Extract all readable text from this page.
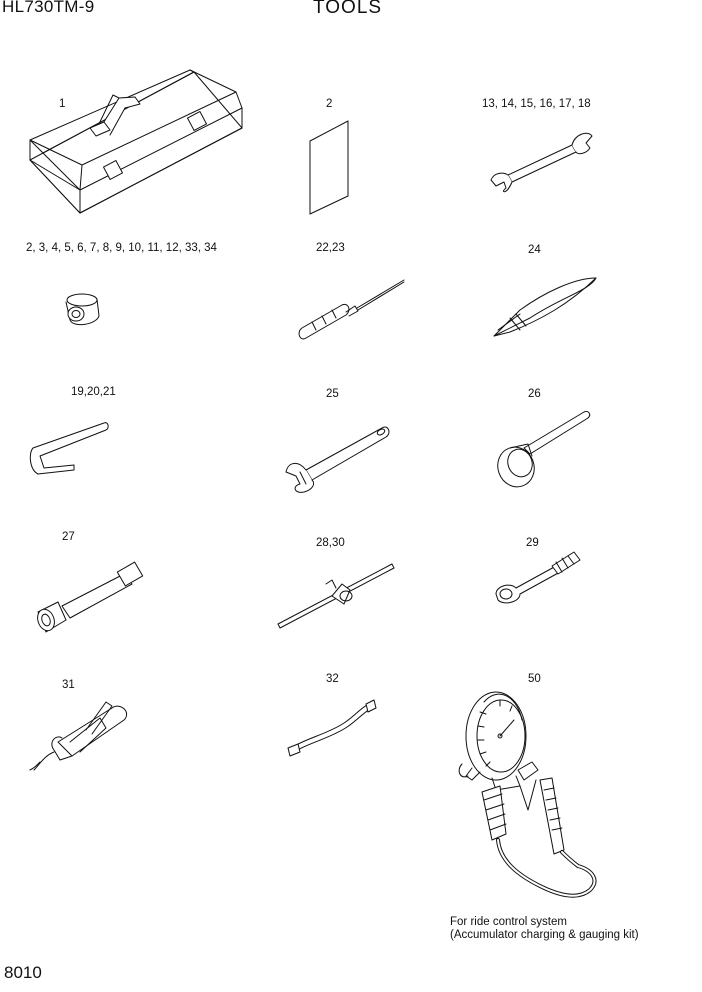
HL730TM-9	TOOLS
1	2	13, 14, 15, 16, 17, 18
2, 3, 4, 5, 6, 7, 8, 9, 10, 11, 12, 33, 34	22,23	24
19,20,21	25	26
27	28,30	29
31	32	50
For ride control system
(Accumulator charging & gauging kit)
8010
